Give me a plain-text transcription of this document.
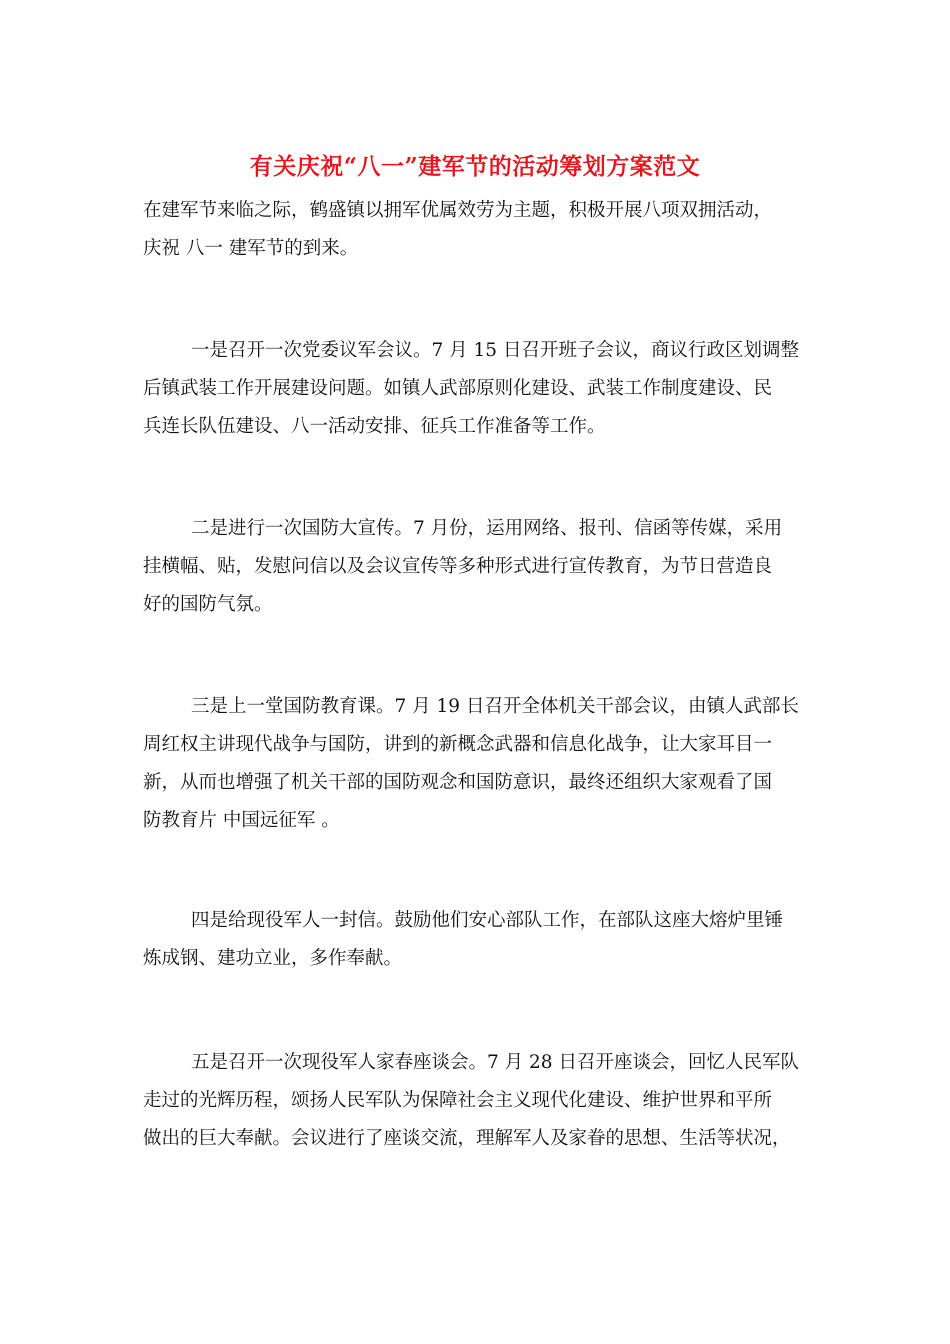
有关庆祝“八一”建军节的活动筹划方案范文
在建军节来临之际，鹤盛镇以拥军优属效劳为主题，积极开展八项双拥活动，
庆祝 八一 建军节的到来。
一是召开一次党委议军会议。7 月 15 日召开班子会议，商议行政区划调整
后镇武装工作开展建设问题。如镇人武部原则化建设、武装工作制度建设、民
兵连长队伍建设、八一活动安排、征兵工作准备等工作。
二是进行一次国防大宣传。7 月份，运用网络、报刊、信函等传媒，采用
挂横幅、贴，发慰问信以及会议宣传等多种形式进行宣传教育，为节日营造良
好的国防气氛。
三是上一堂国防教育课。7 月 19 日召开全体机关干部会议，由镇人武部长
周红权主讲现代战争与国防，讲到的新概念武器和信息化战争，让大家耳目一
新，从而也增强了机关干部的国防观念和国防意识，最终还组织大家观看了国
防教育片 中国远征军 。
四是给现役军人一封信。鼓励他们安心部队工作，在部队这座大熔炉里锤
炼成钢、建功立业，多作奉献。
五是召开一次现役军人家春座谈会。7 月 28 日召开座谈会，回忆人民军队
走过的光辉历程，颂扬人民军队为保障社会主义现代化建设、维护世界和平所
做出的巨大奉献。会议进行了座谈交流，理解军人及家眷的思想、生活等状况，
